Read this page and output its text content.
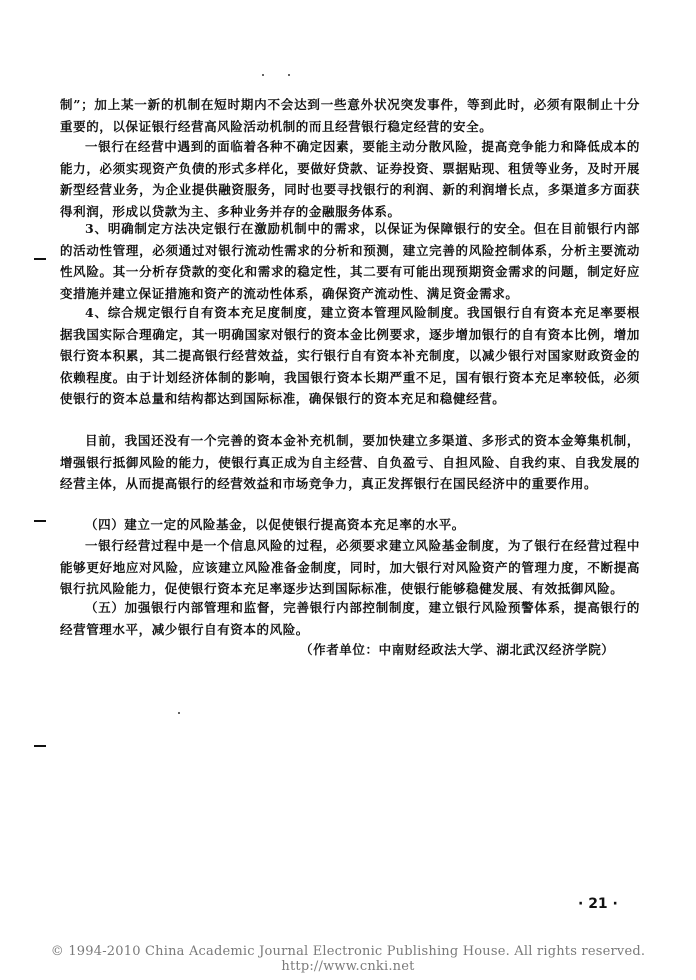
制”；加上某一新的机制在短时期内不会达到一些意外状况突发事件，等到此时，必须有限制止十分重要的，以保证银行经营高风险活动机制的而且经营银行稳定经营的安全。

一银行在经营中遇到的面临着各种不确定因素，要能主动分散风险，提高竞争能力和降低成本的能力，必须实现资产负债的形式多样化，要做好贷款、证券投资、票据贴现、租赁等业务，及时开展新型经营业务，为企业提供融资服务，同时也要寻找银行的利润、新的利润增长点，多渠道多方面获得利润，形成以贷款为主、多种业务并存的金融服务体系。

3、明确制定方法决定银行在激励机制中的需求，以保证为保障银行的安全。但在目前银行内部的活动性管理，必须通过对银行流动性需求的分析和预测，建立完善的风险控制体系，分析主要流动性风险。其一分析存贷款的变化和需求的稳定性，其二要有可能出现预期资金需求的问题，制定好应变措施并建立保证措施和资产的流动性体系，确保资产流动性、满足资金需求。

4、综合规定银行自有资本充足度制度，建立资本管理风险制度。我国银行自有资本充足率要根据我国实际合理确定，其一明确国家对银行的资本金比例要求，逐步增加银行的自有资本比例，增加银行资本积累，其二提高银行经营效益，实行银行自有资本补充制度，以减少银行对国家财政资金的依赖程度。由于计划经济体制的影响，我国银行资本长期严重不足，国有银行资本充足率较低，必须使银行的资本总量和结构都达到国际标准，确保银行的资本充足和稳健经营。

目前，我国还没有一个完善的资本金补充机制，要加快建立多渠道、多形式的资本金筹集机制，增强银行抵御风险的能力，使银行真正成为自主经营、自负盈亏、自担风险、自我约束、自我发展的经营主体，从而提高银行的经营效益和市场竞争力，真正发挥银行在国民经济中的重要作用。

（四）建立一定的风险基金，以促使银行提高资本充足率的水平。

一银行经营过程中是一个信息风险的过程，必须要求建立风险基金制度，为了银行在经营过程中能够更好地应对风险，应该建立风险准备金制度，同时，加大银行对风险资产的管理力度，不断提高银行抗风险能力，促使银行资本充足率逐步达到国际标准，使银行能够稳健发展、有效抵御风险。

（五）加强银行内部管理和监督，完善银行内部控制制度，建立银行风险预警体系，提高银行的经营管理水平，减少银行自有资本的风险。

（作者单位：中南财经政法大学、湖北武汉经济学院）
· 21 ·
© 1994-2010 China Academic Journal Electronic Publishing House. All rights reserved. http://www.cnki.net
